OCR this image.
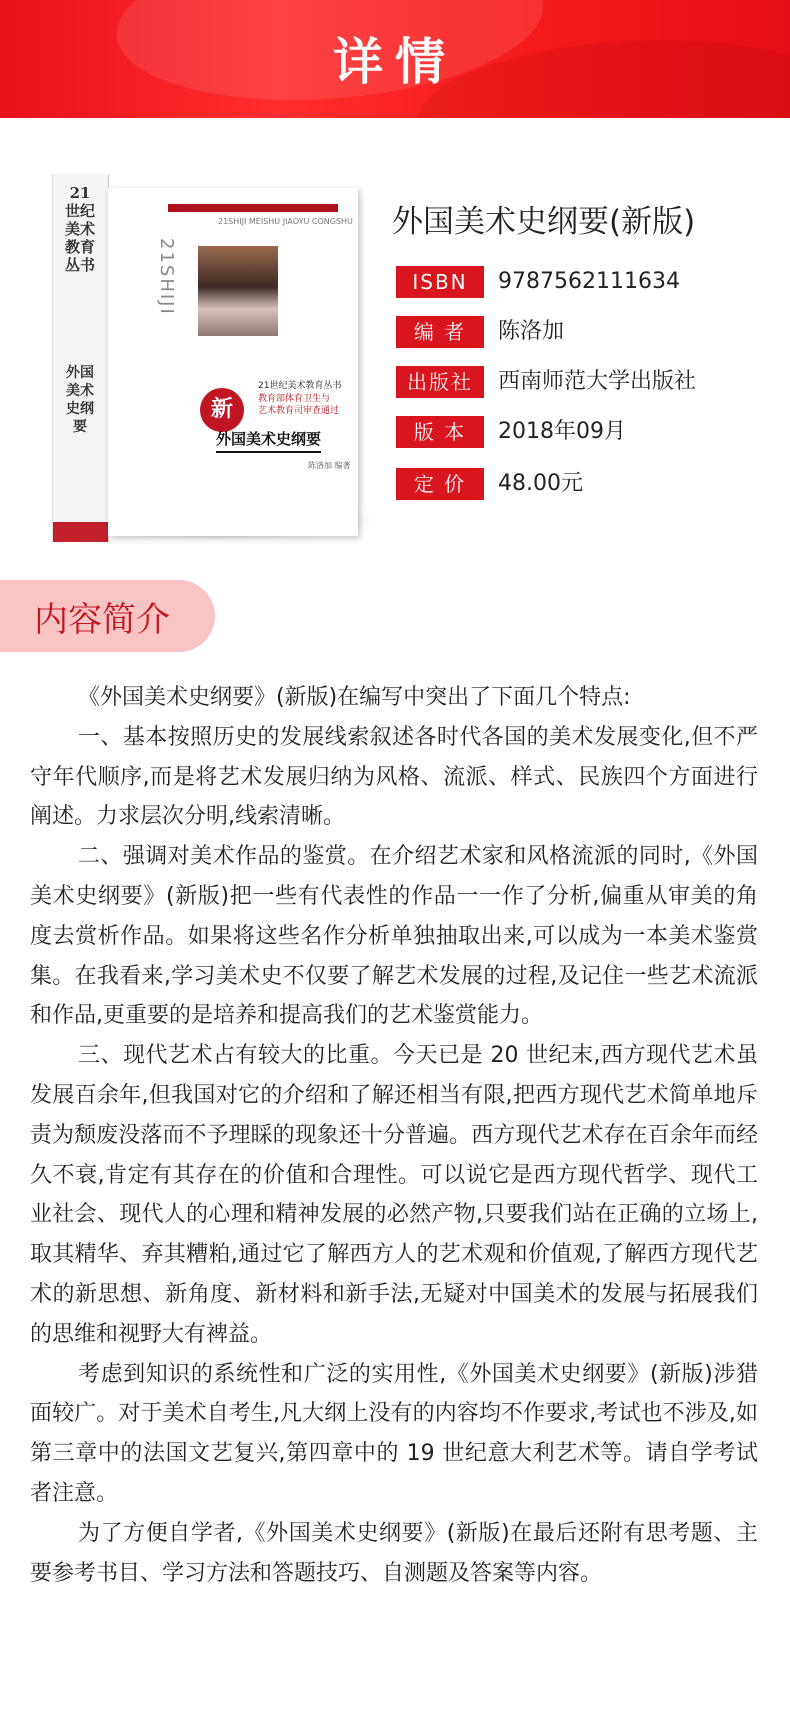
详情
21世纪美术教育丛书
外国美术史纲要
21SHIJI MEISHU JIAOYU CONGSHU
21SHIJI
新
21世纪美术教育丛书
教育部体育卫生与
艺术教育司审查通过
外国美术史纲要
陈洛加 编著
外国美术史纲要(新版)
ISBN	9787562111634
编 者	陈洛加
出版社	西南师范大学出版社
版 本	2018年09月
定 价	48.00元
内容简介

《外国美术史纲要》(新版)在编写中突出了下面几个特点:

一、基本按照历史的发展线索叙述各时代各国的美术发展变化,但不严守年代顺序,而是将艺术发展归纳为风格、流派、样式、民族四个方面进行阐述。力求层次分明,线索清晰。

二、强调对美术作品的鉴赏。在介绍艺术家和风格流派的同时,《外国美术史纲要》(新版)把一些有代表性的作品一一作了分析,偏重从审美的角度去赏析作品。如果将这些名作分析单独抽取出来,可以成为一本美术鉴赏集。在我看来,学习美术史不仅要了解艺术发展的过程,及记住一些艺术流派和作品,更重要的是培养和提高我们的艺术鉴赏能力。

三、现代艺术占有较大的比重。今天已是 20 世纪末,西方现代艺术虽发展百余年,但我国对它的介绍和了解还相当有限,把西方现代艺术简单地斥责为颓废没落而不予理睬的现象还十分普遍。西方现代艺术存在百余年而经久不衰,肯定有其存在的价值和合理性。可以说它是西方现代哲学、现代工业社会、现代人的心理和精神发展的必然产物,只要我们站在正确的立场上,取其精华、弃其糟粕,通过它了解西方人的艺术观和价值观,了解西方现代艺术的新思想、新角度、新材料和新手法,无疑对中国美术的发展与拓展我们的思维和视野大有裨益。

考虑到知识的系统性和广泛的实用性,《外国美术史纲要》(新版)涉猎面较广。对于美术自考生,凡大纲上没有的内容均不作要求,考试也不涉及,如第三章中的法国文艺复兴,第四章中的 19 世纪意大利艺术等。请自学考试者注意。

为了方便自学者,《外国美术史纲要》(新版)在最后还附有思考题、主要参考书目、学习方法和答题技巧、自测题及答案等内容。
